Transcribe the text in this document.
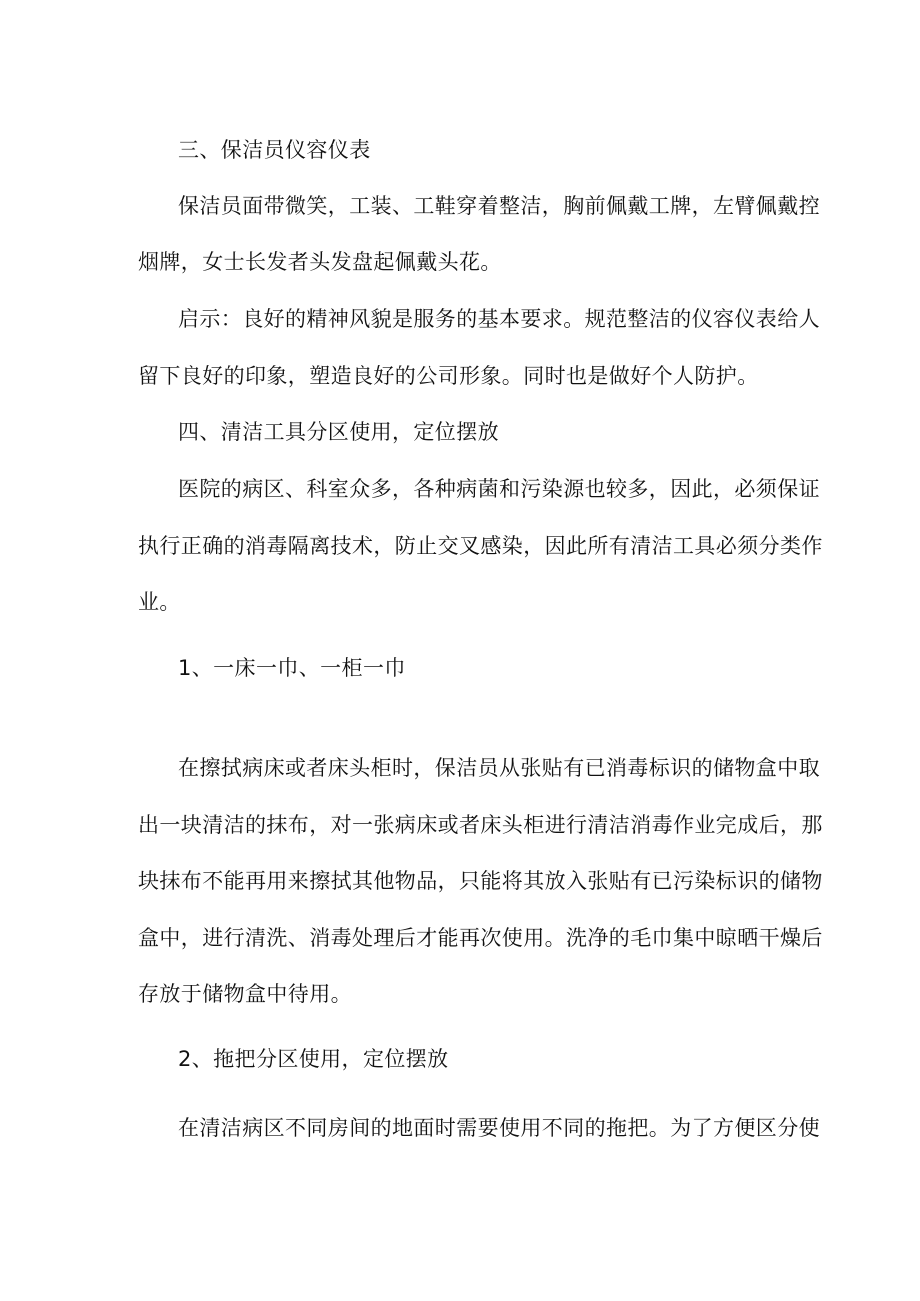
三、保洁员仪容仪表
保洁员面带微笑，工装、工鞋穿着整洁，胸前佩戴工牌，左臂佩戴控
烟牌，女士长发者头发盘起佩戴头花。
启示：良好的精神风貌是服务的基本要求。规范整洁的仪容仪表给人
留下良好的印象，塑造良好的公司形象。同时也是做好个人防护。
四、清洁工具分区使用，定位摆放
医院的病区、科室众多，各种病菌和污染源也较多，因此，必须保证
执行正确的消毒隔离技术，防止交叉感染，因此所有清洁工具必须分类作
业。
1、一床一巾、一柜一巾
在擦拭病床或者床头柜时，保洁员从张贴有已消毒标识的储物盒中取
出一块清洁的抹布，对一张病床或者床头柜进行清洁消毒作业完成后，那
块抹布不能再用来擦拭其他物品，只能将其放入张贴有已污染标识的储物
盒中，进行清洗、消毒处理后才能再次使用。洗净的毛巾集中晾晒干燥后
存放于储物盒中待用。
2、拖把分区使用，定位摆放
在清洁病区不同房间的地面时需要使用不同的拖把。为了方便区分使
